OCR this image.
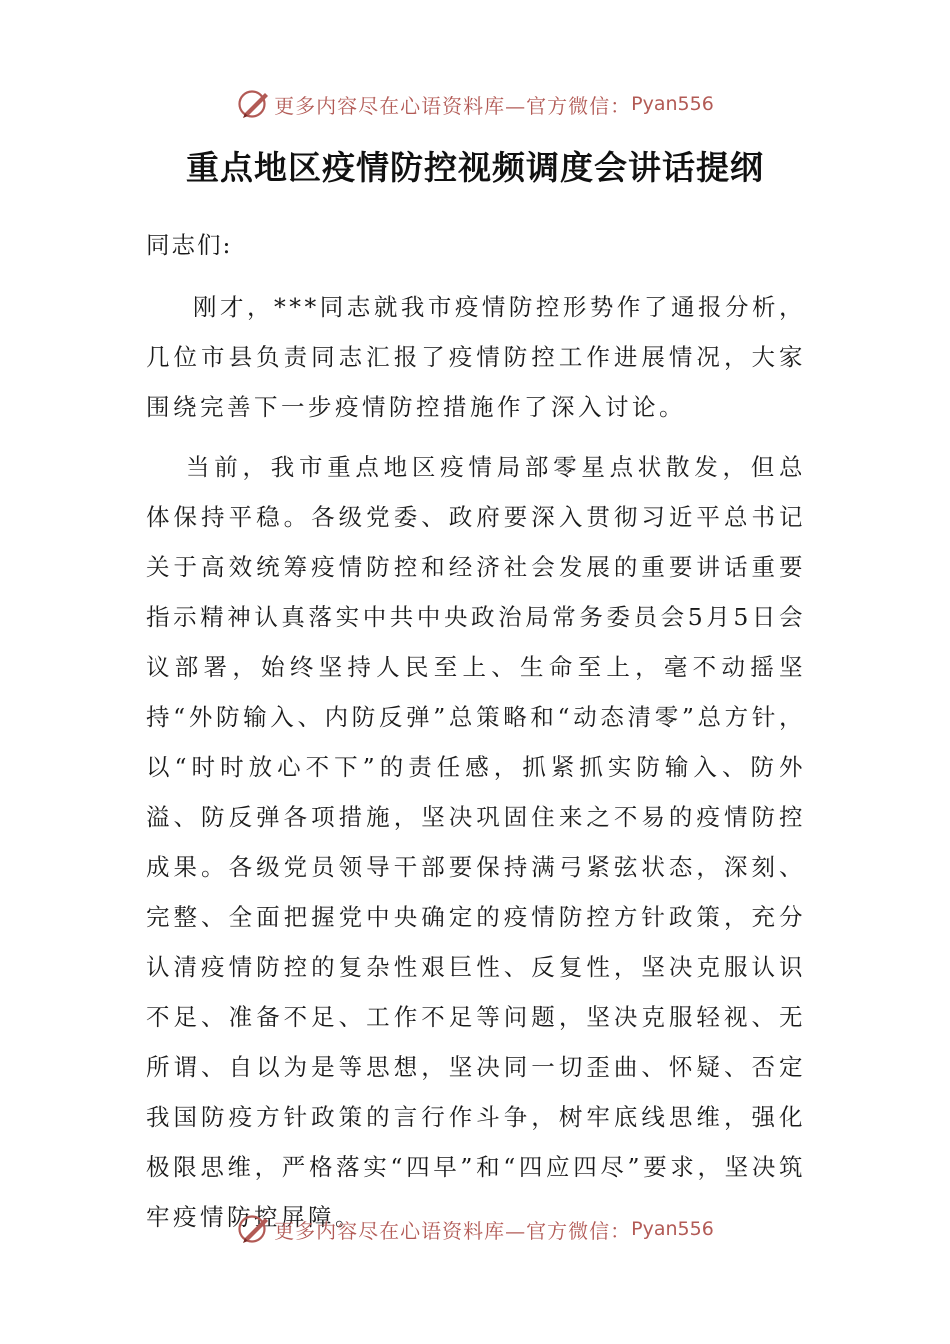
更多内容尽在心语资料库—官方微信： Pyan556
重点地区疫情防控视频调度会讲话提纲
同志们:

刚才，***同志就我市疫情防控形势作了通报分析，几位市县负责同志汇报了疫情防控工作进展情况，大家围绕完善下一步疫情防控措施作了深入讨论。

当前，我市重点地区疫情局部零星点状散发，但总体保持平稳。各级党委、政府要深入贯彻习近平总书记关于高效统筹疫情防控和经济社会发展的重要讲话重要指示精神认真落实中共中央政治局常务委员会5月5日会议部署，始终坚持人民至上、生命至上，毫不动摇坚持“外防输入、内防反弹”总策略和“动态清零”总方针，以“时时放心不下”的责任感，抓紧抓实防输入、防外溢、防反弹各项措施，坚决巩固住来之不易的疫情防控成果。各级党员领导干部要保持满弓紧弦状态，深刻、完整、全面把握党中央确定的疫情防控方针政策，充分认清疫情防控的复杂性艰巨性、反复性，坚决克服认识不足、准备不足、工作不足等问题，坚决克服轻视、无所谓、自以为是等思想，坚决同一切歪曲、怀疑、否定我国防疫方针政策的言行作斗争，树牢底线思维，强化极限思维，严格落实“四早”和“四应四尽”要求，坚决筑牢疫情防控屏障。

更多内容尽在心语资料库—官方微信： Pyan556
